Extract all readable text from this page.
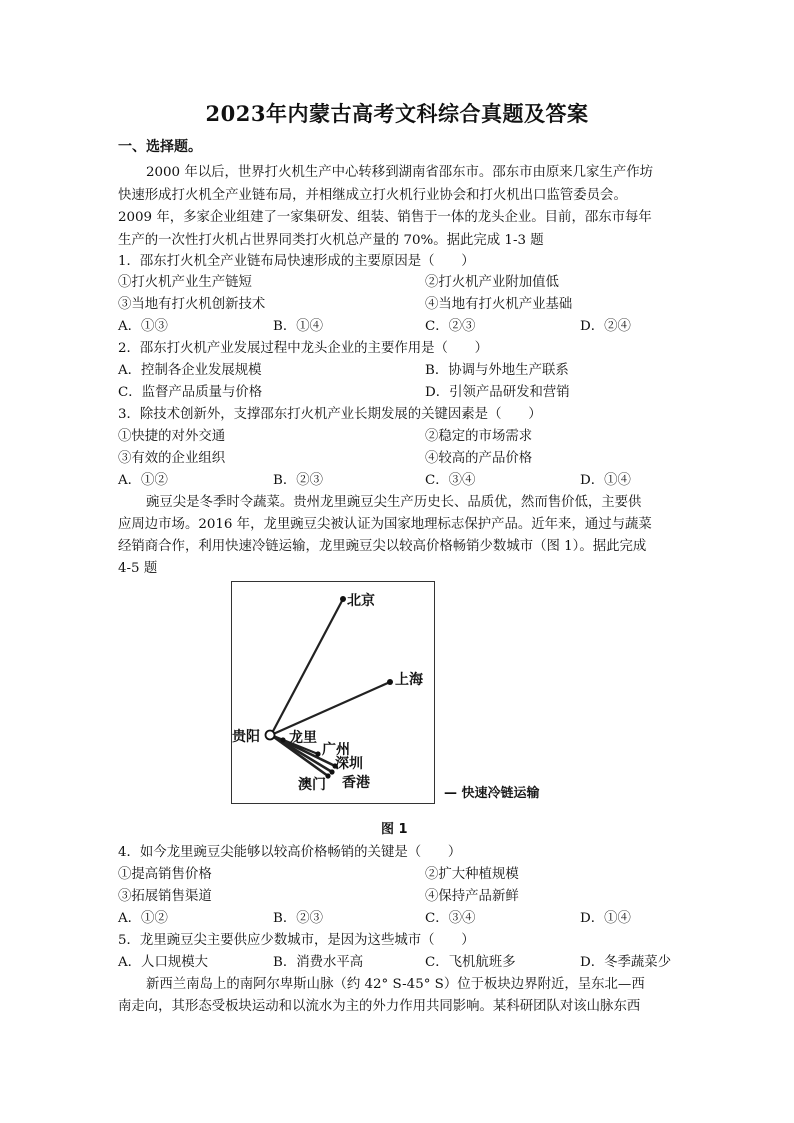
2023年内蒙古高考文科综合真题及答案
一、选择题。
2000 年以后，世界打火机生产中心转移到湖南省邵东市。邵东市由原来几家生产作坊
快速形成打火机全产业链布局，并相继成立打火机行业协会和打火机出口监管委员会。
2009 年，多家企业组建了一家集研发、组装、销售于一体的龙头企业。目前，邵东市每年
生产的一次性打火机占世界同类打火机总产量的 70%。据此完成 1-3 题
1．邵东打火机全产业链布局快速形成的主要原因是（　　）
①打火机产业生产链短	②打火机产业附加值低
③当地有打火机创新技术	④当地有打火机产业基础
A．①③	B．①④	C．②③	D．②④
2．邵东打火机产业发展过程中龙头企业的主要作用是（　　）
A．控制各企业发展规模	B．协调与外地生产联系
C．监督产品质量与价格	D．引领产品研发和营销
3．除技术创新外，支撑邵东打火机产业长期发展的关键因素是（　　）
①快捷的对外交通	②稳定的市场需求
③有效的企业组织	④较高的产品价格
A．①②	B．②③	C．③④	D．①④
豌豆尖是冬季时令蔬菜。贵州龙里豌豆尖生产历史长、品质优，然而售价低，主要供
应周边市场。2016 年，龙里豌豆尖被认证为国家地理标志保护产品。近年来，通过与蔬菜
经销商合作，利用快速冷链运输，龙里豌豆尖以较高价格畅销少数城市（图 1）。据此完成
4-5 题
北京
上海
贵阳 龙里
广州
深圳
澳门 香港
— 快速冷链运输
图 1
4．如今龙里豌豆尖能够以较高价格畅销的关键是（　　）
①提高销售价格	②扩大种植规模
③拓展销售渠道	④保持产品新鲜
A．①②	B．②③	C．③④	D．①④
5．龙里豌豆尖主要供应少数城市，是因为这些城市（　　）
A．人口规模大	B．消费水平高	C．飞机航班多	D．冬季蔬菜少
新西兰南岛上的南阿尔卑斯山脉（约 42° S-45° S）位于板块边界附近，呈东北—西
南走向，其形态受板块运动和以流水为主的外力作用共同影响。某科研团队对该山脉东西
